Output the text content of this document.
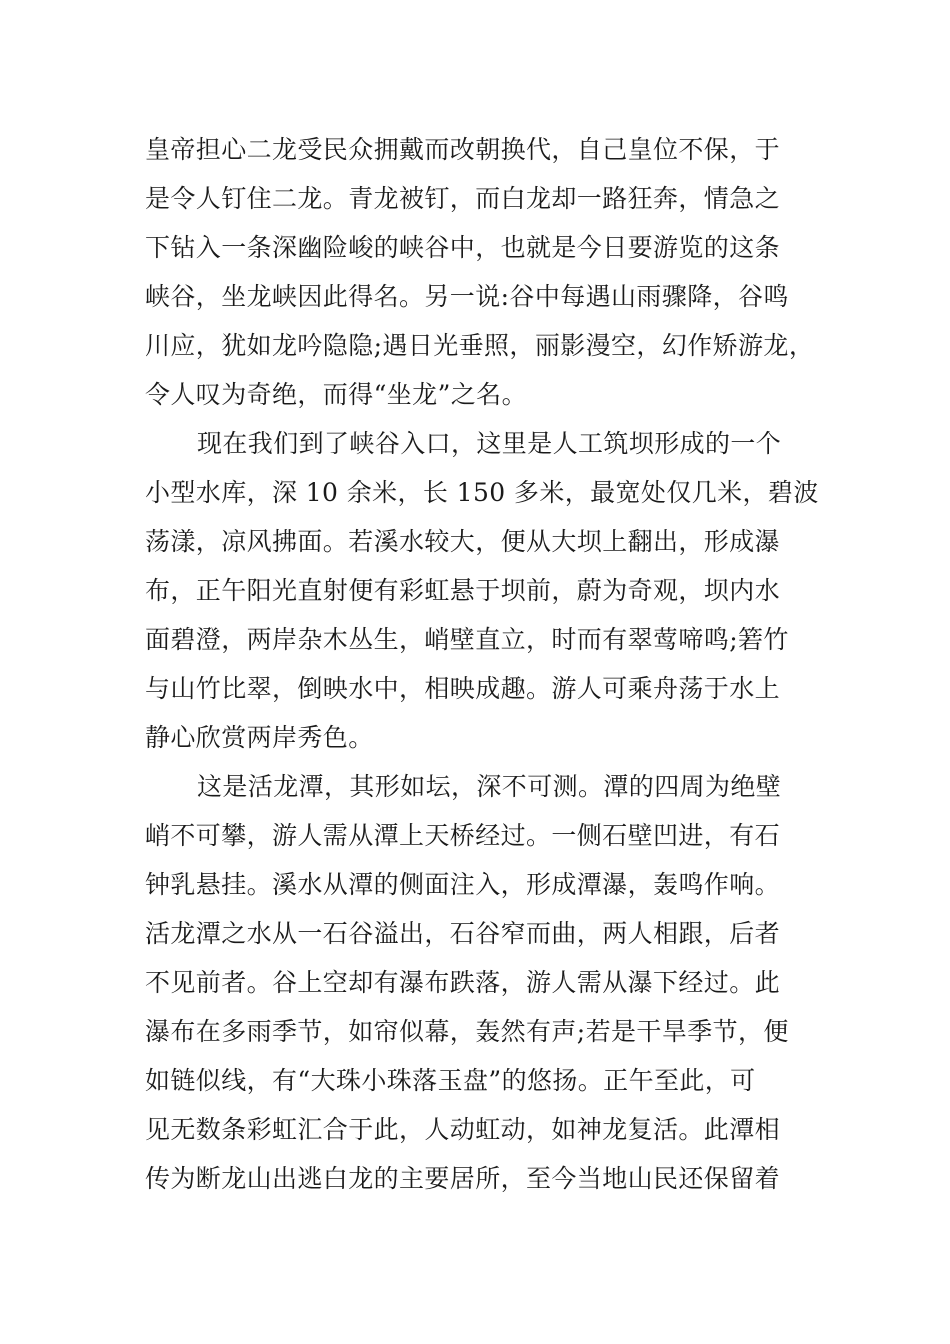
皇帝担心二龙受民众拥戴而改朝换代，自己皇位不保，于
是令人钉住二龙。青龙被钉，而白龙却一路狂奔，情急之
下钻入一条深幽险峻的峡谷中，也就是今日要游览的这条
峡谷，坐龙峡因此得名。另一说:谷中每遇山雨骤降，谷鸣
川应，犹如龙吟隐隐;遇日光垂照，丽影漫空，幻作矫游龙，
令人叹为奇绝，而得“坐龙”之名。
现在我们到了峡谷入口，这里是人工筑坝形成的一个
小型水库，深 10 余米，长 150 多米，最宽处仅几米，碧波
荡漾，凉风拂面。若溪水较大，便从大坝上翻出，形成瀑
布，正午阳光直射便有彩虹悬于坝前，蔚为奇观，坝内水
面碧澄，两岸杂木丛生，峭壁直立，时而有翠莺啼鸣;箬竹
与山竹比翠，倒映水中，相映成趣。游人可乘舟荡于水上
静心欣赏两岸秀色。
这是活龙潭，其形如坛，深不可测。潭的四周为绝壁
峭不可攀，游人需从潭上天桥经过。一侧石壁凹进，有石
钟乳悬挂。溪水从潭的侧面注入，形成潭瀑，轰鸣作响。
活龙潭之水从一石谷溢出，石谷窄而曲，两人相跟，后者
不见前者。谷上空却有瀑布跌落，游人需从瀑下经过。此
瀑布在多雨季节，如帘似幕，轰然有声;若是干旱季节，便
如链似线，有“大珠小珠落玉盘”的悠扬。正午至此，可
见无数条彩虹汇合于此，人动虹动，如神龙复活。此潭相
传为断龙山出逃白龙的主要居所，至今当地山民还保留着
